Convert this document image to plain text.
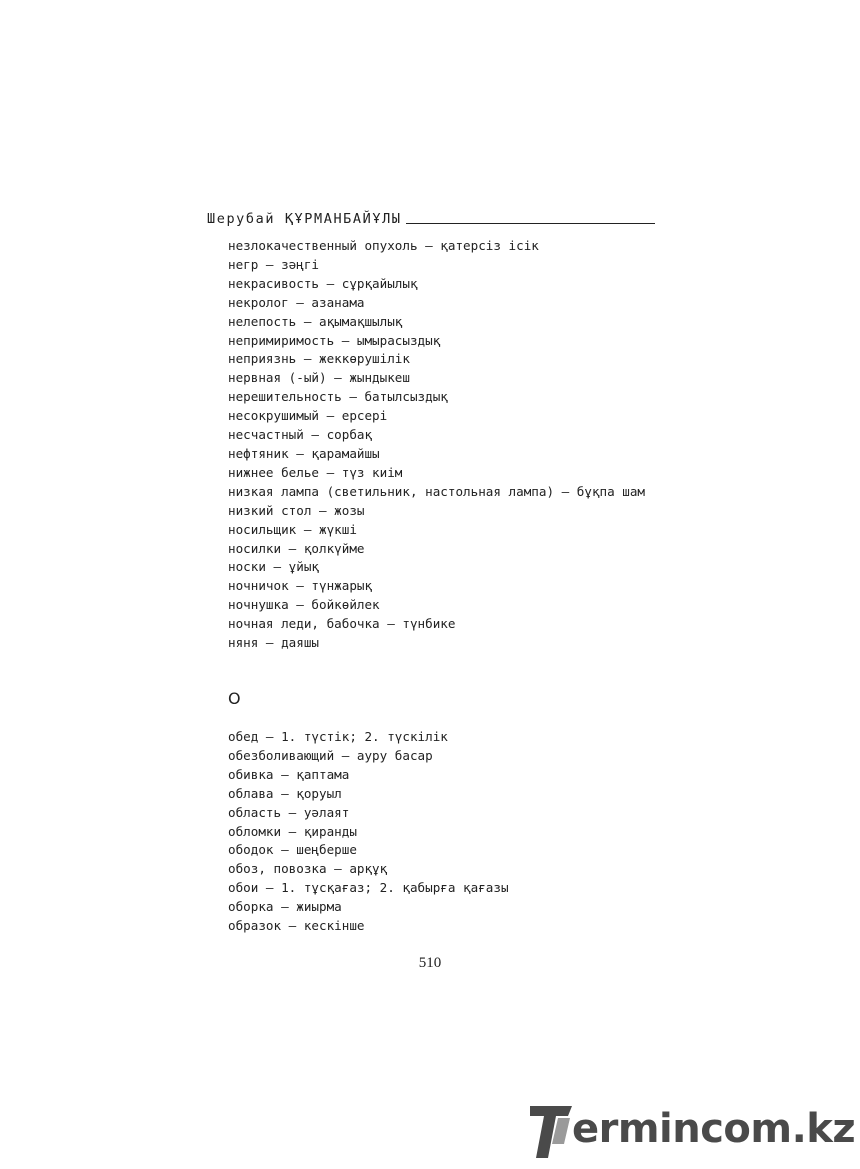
Шерубай ҚҰРМАНБАЙҰЛЫ
незлокачественный опухоль – қатерсіз ісік
негр – зәңгі
некрасивость – сұрқайылық
некролог – азанама
нелепость – ақымақшылық
непримиримость – ымырасыздық
неприязнь – жеккөрушілік
нервная (-ый) – жындыкеш
нерешительность – батылсыздық
несокрушимый – ерсері
несчастный – сорбақ
нефтяник – қарамайшы
нижнее белье – түз киім
низкая лампа (светильник, настольная лампа) – бұқпа шам
низкий стол – жозы
носильщик – жүкші
носилки – қолкүйме
носки – ұйық
ночничок – түнжарық
ночнушка – бойкөйлек
ночная леди, бабочка – түнбике
няня – даяшы
О
обед – 1. түстік; 2. түскілік
обезболивающий – ауру басар
обивка – қаптама
облава – қоруыл
область – уәлаят
обломки – қиранды
ободок – шеңберше
обоз, повозка – арқұқ
обои – 1. тұсқағаз; 2. қабырға қағазы
оборка – жиырма
образок – кескінше
510
ermincоm.kz
